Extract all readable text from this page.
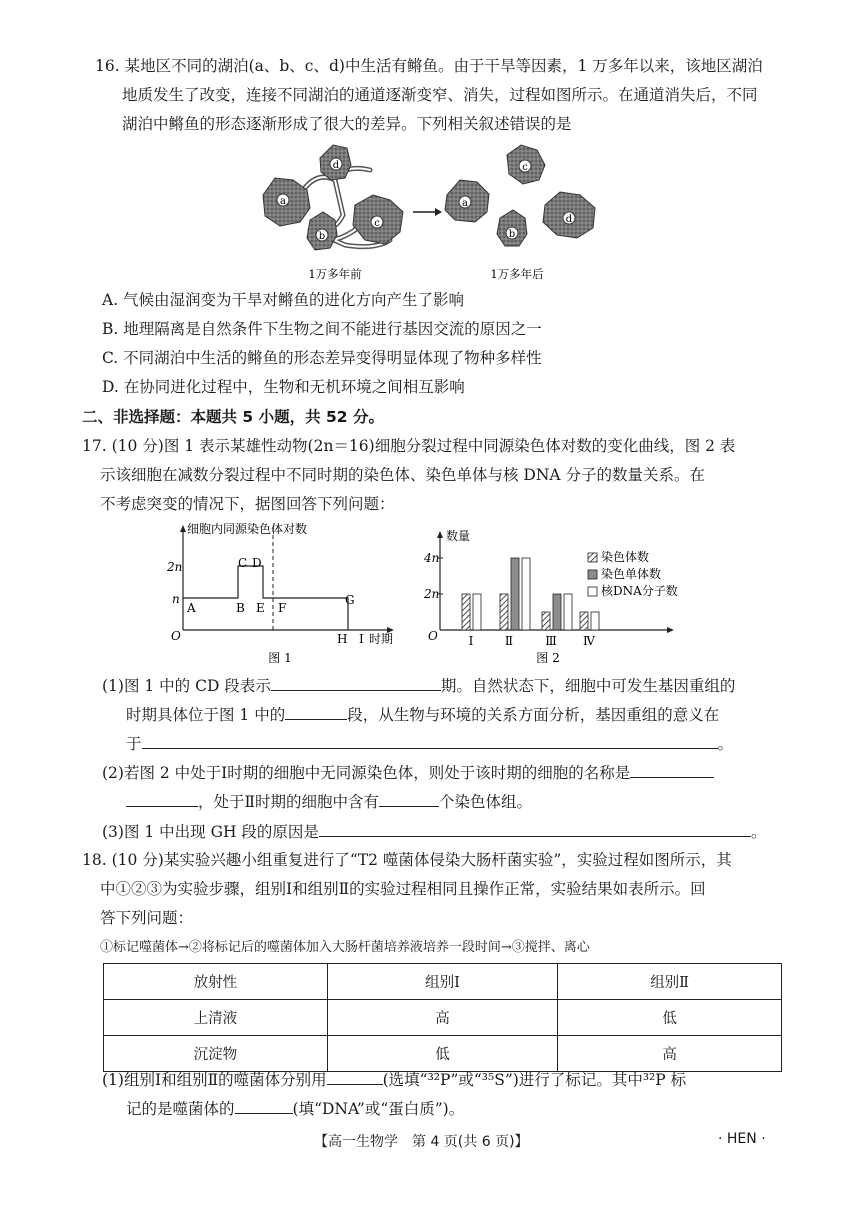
16. 某地区不同的湖泊(a、b、c、d)中生活有鳉鱼。由于干旱等因素，1 万多年以来，该地区湖泊
地质发生了改变，连接不同湖泊的通道逐渐变窄、消失，过程如图所示。在通道消失后，不同
湖泊中鳉鱼的形态逐渐形成了很大的差异。下列相关叙述错误的是
a
b
c
d
a
b
c
d
1万多年前	1万多年后
A. 气候由湿润变为干旱对鳉鱼的进化方向产生了影响
B. 地理隔离是自然条件下生物之间不能进行基因交流的原因之一
C. 不同湖泊中生活的鳉鱼的形态差异变得明显体现了物种多样性
D. 在协同进化过程中，生物和无机环境之间相互影响
二、非选择题：本题共 5 小题，共 52 分。
17. (10 分)图 1 表示某雄性动物(2n＝16)细胞分裂过程中同源染色体对数的变化曲线，图 2 表
示该细胞在减数分裂过程中不同时期的染色体、染色单体与核 DNA 分子的数量关系。在
不考虑突变的情况下，据图回答下列问题：
细胞内同源染色体对数
2n
n
O
A	B
C D
E F
G
H I 时期
图 1
数量
4n
2n
O	Ⅰ	Ⅱ	Ⅲ Ⅳ
染色体数
染色单体数
核DNA分子数
图 2
(1)图 1 中的 CD 段表示	期。自然状态下，细胞中可发生基因重组的
时期具体位于图 1 中的	段，从生物与环境的关系方面分析，基因重组的意义在
于	。
(2)若图 2 中处于Ⅰ时期的细胞中无同源染色体，则处于该时期的细胞的名称是
，处于Ⅱ时期的细胞中含有	个染色体组。
(3)图 1 中出现 GH 段的原因是	。
18. (10 分)某实验兴趣小组重复进行了“T2 噬菌体侵染大肠杆菌实验”，实验过程如图所示，其
中①②③为实验步骤，组别Ⅰ和组别Ⅱ的实验过程相同且操作正常，实验结果如表所示。回
答下列问题：
①标记噬菌体→②将标记后的噬菌体加入大肠杆菌培养液培养一段时间→③搅拌、离心
放射性	组别Ⅰ	组别Ⅱ
上清液	高	低
沉淀物	低	高
(1)组别Ⅰ和组别Ⅱ的噬菌体分别用	(选填“³²P”或“³⁵S”)进行了标记。其中³²P 标
记的是噬菌体的	(填“DNA”或“蛋白质”)。
【高一生物学　第 4 页(共 6 页)】	· HEN ·
